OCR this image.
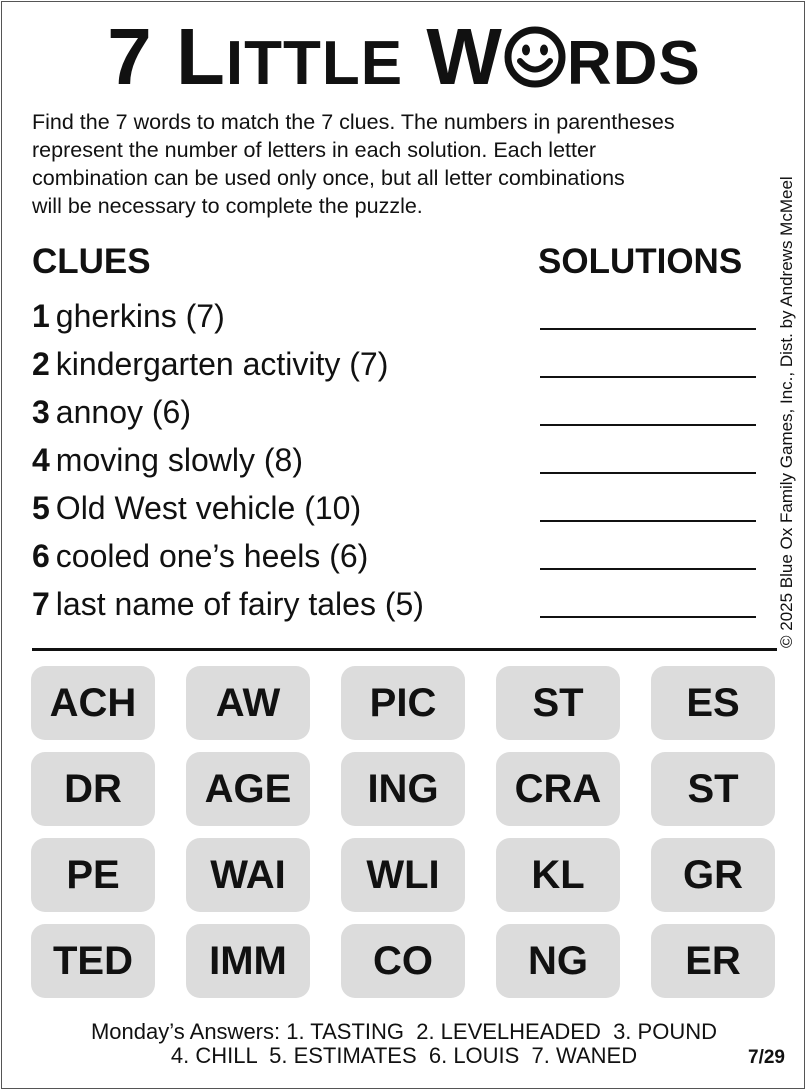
7 LITTLE W RDS
Find the 7 words to match the 7 clues. The numbers in parentheses
represent the number of letters in each solution. Each letter
combination can be used only once, but all letter combinations
will be necessary to complete the puzzle.	© 2025 Blue Ox Family Games, Inc., Dist. by Andrews McMeel
CLUES	SOLUTIONS
1 gherkins (7)
2 kindergarten activity (7)
3 annoy (6)
4 moving slowly (8)
5 Old West vehicle (10)
6 cooled one’s heels (6)
7 last name of fairy tales (5)
ACH	AW	PIC	ST	ES
DR	AGE	ING	CRA	ST
PE	WAI	WLI	KL	GR
TED	IMM	CO	NG	ER
Monday’s Answers: 1. TASTING  2. LEVELHEADED  3. POUND
4. CHILL  5. ESTIMATES  6. LOUIS  7. WANED	7/29
